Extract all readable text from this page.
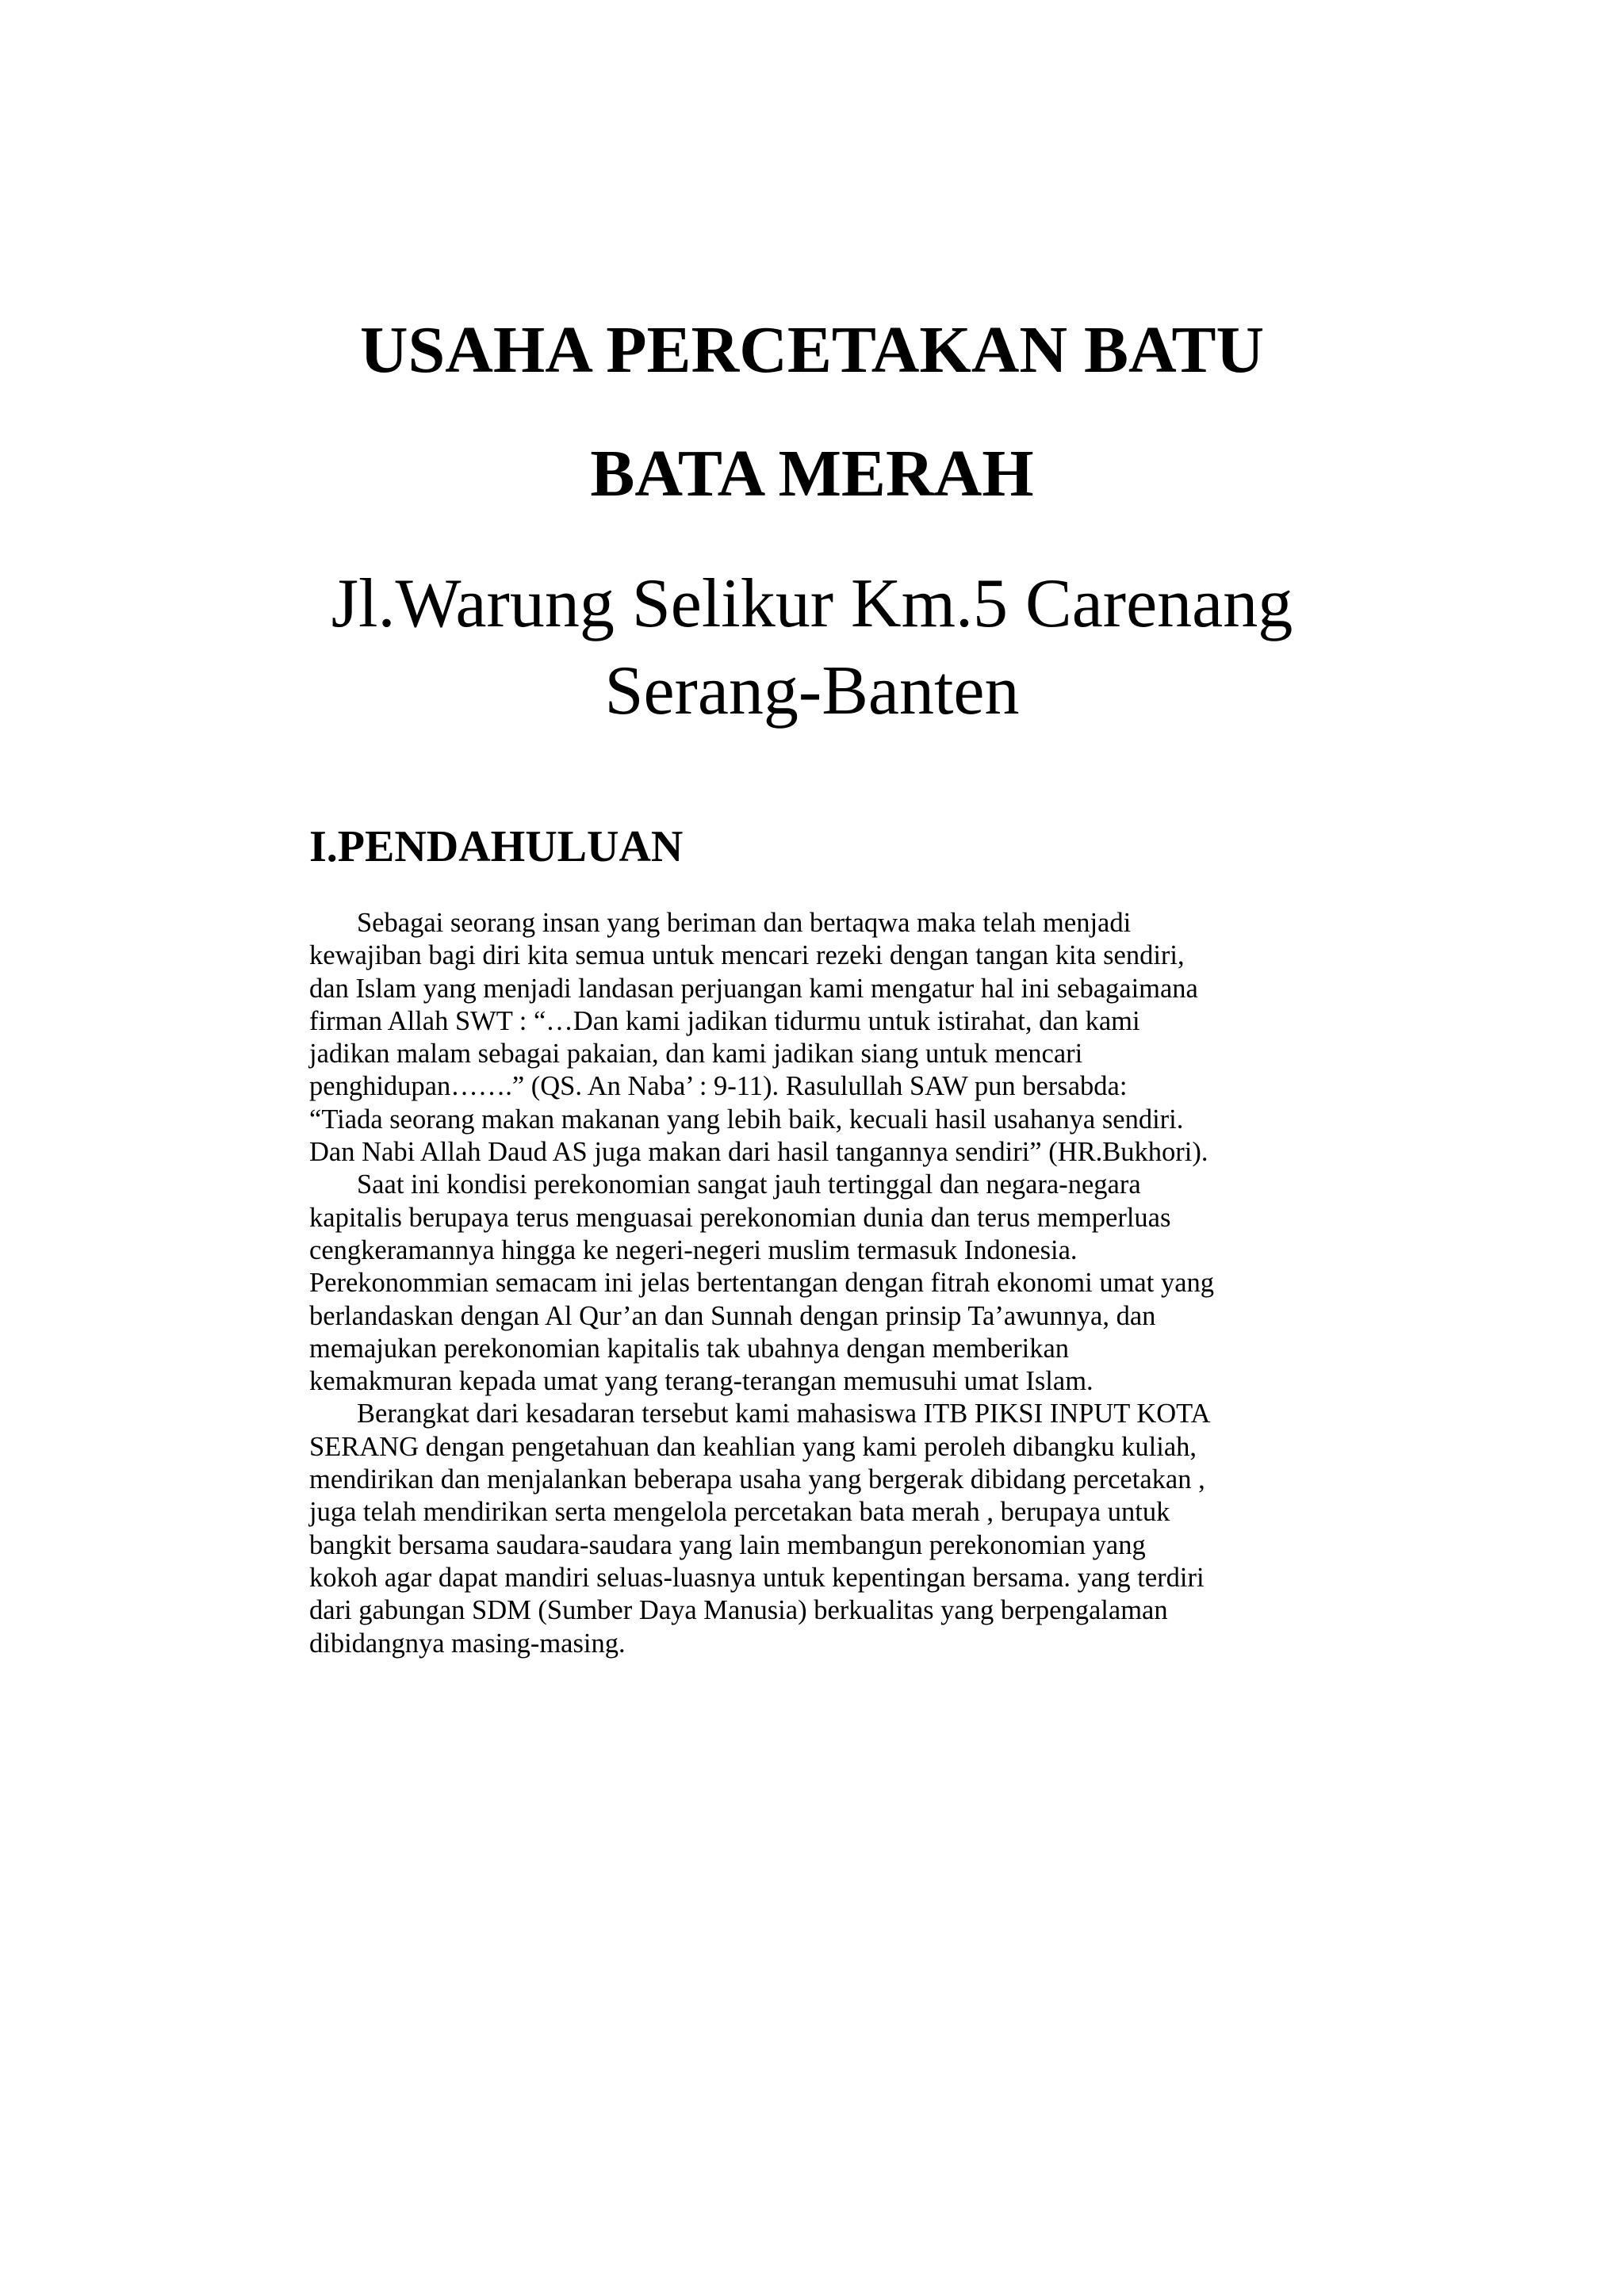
USAHA PERCETAKAN BATU
BATA MERAH
Jl.Warung Selikur Km.5 Carenang
Serang-Banten
I.PENDAHULUAN
Sebagai seorang insan yang beriman dan bertaqwa maka telah menjadi
kewajiban bagi diri kita semua untuk mencari rezeki dengan tangan kita sendiri,
dan Islam yang menjadi landasan perjuangan kami mengatur hal ini sebagaimana
firman Allah SWT : “…Dan kami jadikan tidurmu untuk istirahat, dan kami
jadikan malam sebagai pakaian, dan kami jadikan siang untuk mencari
penghidupan…….” (QS. An Naba’ : 9-11). Rasulullah SAW pun bersabda:
“Tiada seorang makan makanan yang lebih baik, kecuali hasil usahanya sendiri.
Dan Nabi Allah Daud AS juga makan dari hasil tangannya sendiri” (HR.Bukhori).
Saat ini kondisi perekonomian sangat jauh tertinggal dan negara-negara
kapitalis berupaya terus menguasai perekonomian dunia dan terus memperluas
cengkeramannya hingga ke negeri-negeri muslim termasuk Indonesia.
Perekonommian semacam ini jelas bertentangan dengan fitrah ekonomi umat yang
berlandaskan dengan Al Qur’an dan Sunnah dengan prinsip Ta’awunnya, dan
memajukan perekonomian kapitalis tak ubahnya dengan memberikan
kemakmuran kepada umat yang terang-terangan memusuhi umat Islam.
Berangkat dari kesadaran tersebut kami mahasiswa ITB PIKSI INPUT KOTA
SERANG dengan pengetahuan dan keahlian yang kami peroleh dibangku kuliah,
mendirikan dan menjalankan beberapa usaha yang bergerak dibidang percetakan ,
juga telah mendirikan serta mengelola percetakan bata merah , berupaya untuk
bangkit bersama saudara-saudara yang lain membangun perekonomian yang
kokoh agar dapat mandiri seluas-luasnya untuk kepentingan bersama. yang terdiri
dari gabungan SDM (Sumber Daya Manusia) berkualitas yang berpengalaman
dibidangnya masing-masing.
